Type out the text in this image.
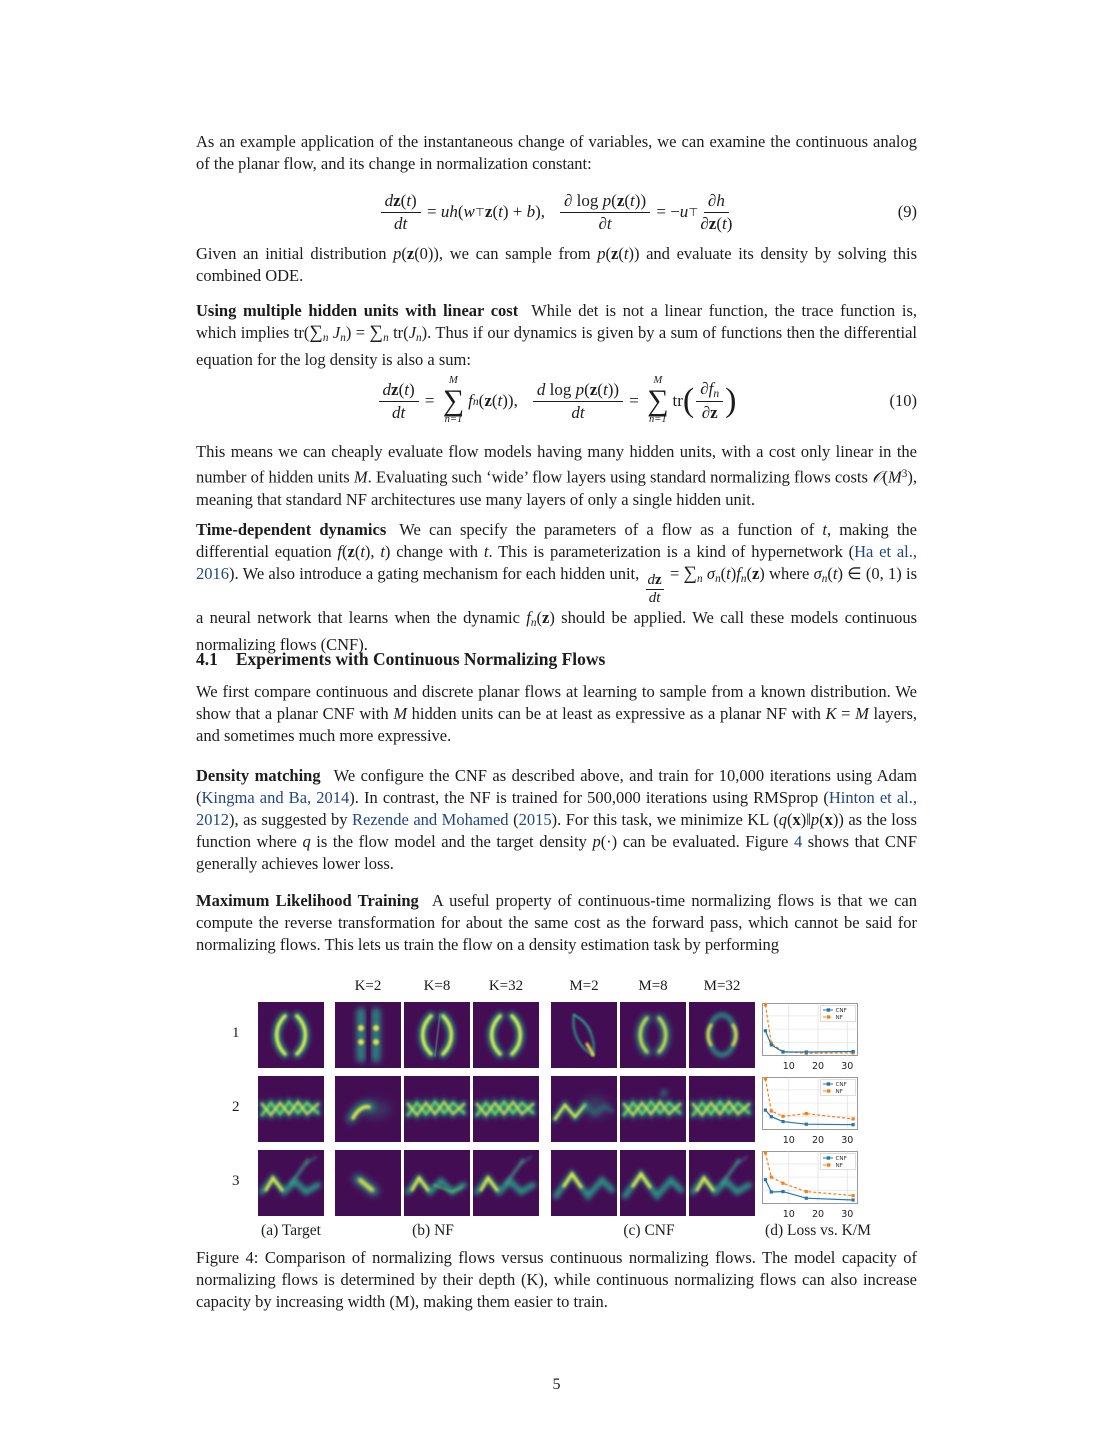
As an example application of the instantaneous change of variables, we can examine the continuous analog of the planar flow, and its change in normalization constant:

$\frac{dz(t)}{dt}$ = uh ( w ⊤ z ( t ) + b ), $\frac{\text{∂ log p(z(t))}}{\partial t}$ = − u ⊤ $\frac{\partial h}{\partial z(t)}$	(9)

Given an initial distribution p(z(0)), we can sample from p(z(t)) and evaluate its density by solving this combined ODE.

Using multiple hidden units with linear cost While det is not a linear function, the trace function is, which implies $tr(\sum_n$ $J_n) = \sum_n$ $tr(J_n)$. Thus if our dynamics is given by a sum of functions then the differential equation for the log density is also a sum:

$\frac{dz(t)}{dt}$ =
M
∑
n=1
f n ( z ( t )), $\frac{\text{d log p(z(t))}}{dt}$ =
M
∑
n=1
tr ( $\frac{\partial f_n}{\partial z}$ )	(10)

This means we can cheaply evaluate flow models having many hidden units, with a cost only linear in the number of hidden units M. Evaluating such ‘wide’ flow layers using standard normalizing flows costs $𝒪(M^3)$, meaning that standard NF architectures use many layers of only a single hidden unit.

Time-dependent dynamics We can specify the parameters of a flow as a function of t, making the differential equation f(z(t), t) change with t. This is parameterization is a kind of hypernetwork (Ha et al., 2016). We also introduce a gating mechanism for each hidden unit, $\frac{dz}{dt} = \sum_n$ $\sigma_n(t)f_n(z)$ where $\sigma_n(t)$ ∈ (0, 1) is a neural network that learns when the dynamic $f_n(z)$ should be applied. We call these models continuous normalizing flows (CNF).

4.1 Experiments with Continuous Normalizing Flows

We first compare continuous and discrete planar flows at learning to sample from a known distribution. We show that a planar CNF with M hidden units can be at least as expressive as a planar NF with K = M layers, and sometimes much more expressive.

Density matching We configure the CNF as described above, and train for 10,000 iterations using Adam (Kingma and Ba, 2014). In contrast, the NF is trained for 500,000 iterations using RMSprop (Hinton et al., 2012), as suggested by Rezende and Mohamed (2015). For this task, we minimize KL (q(x)‖p(x)) as the loss function where q is the flow model and the target density p(·) can be evaluated. Figure 4 shows that CNF generally achieves lower loss.

Maximum Likelihood Training A useful property of continuous-time normalizing flows is that we can compute the reverse transformation for about the same cost as the forward pass, which cannot be said for normalizing flows. This lets us train the flow on a density estimation task by performing

K=2	K=8	K=32	M=2	M=8 M=32
1
2
3
10 20 30
CNF
NF
10 20 30
CNF
NF
10 20 30
CNF
NF
(a) Target	(b) NF	(c) CNF	(d) Loss vs. K/M

Figure 4: Comparison of normalizing flows versus continuous normalizing flows. The model capacity of normalizing flows is determined by their depth (K), while continuous normalizing flows can also increase capacity by increasing width (M), making them easier to train.

5
